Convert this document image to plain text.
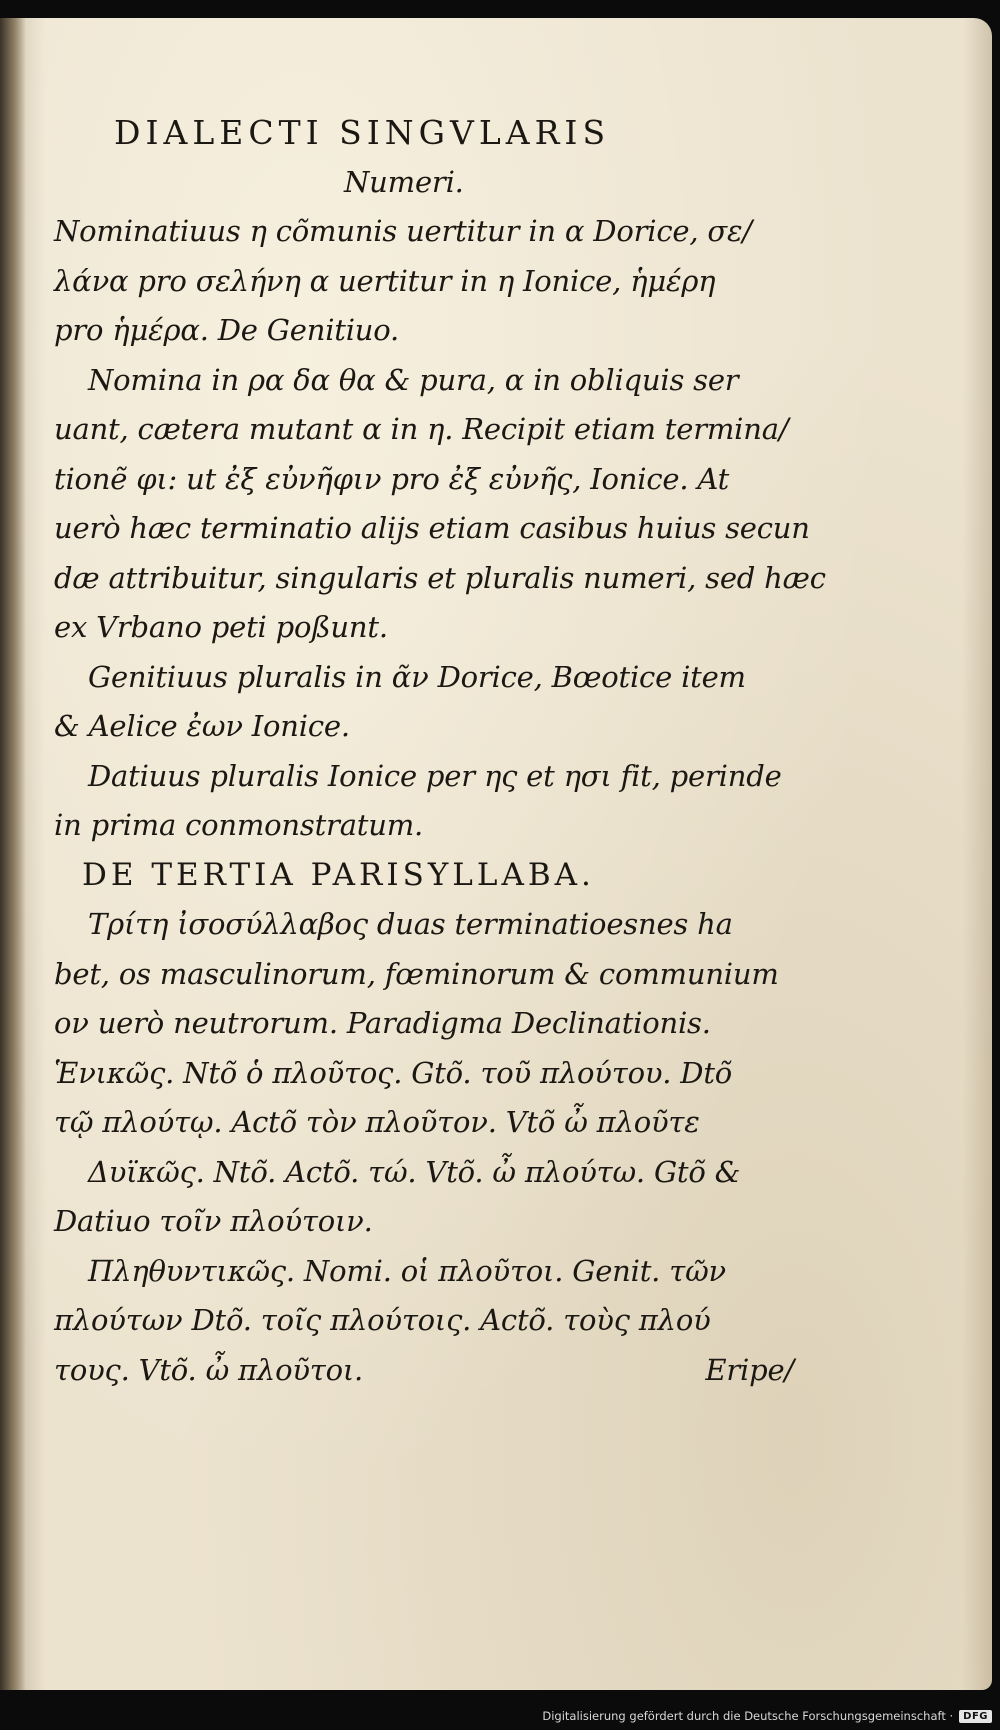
DIALECTI SINGVLARIS
Numeri.
Nominatiuus η cõmunis uertitur in α Dorice, σε/
λάνα pro σελήνη α uertitur in η Ionice, ἡμέρη
pro ἡμέρα. De Genitiuo.
Nomina in ρα δα θα & pura, α in obliquis ser
uant, cætera mutant α in η. Recipit etiam termina/
tionẽ φι: ut ἐξ εὐνῆφιν pro ἐξ εὐνῆς, Ionice. At
uerò hæc terminatio alijs etiam casibus huius secun
dæ attribuitur, singularis et pluralis numeri, sed hæc
ex Vrbano peti poßunt.
Genitiuus pluralis in ᾶν Dorice, Bœotice item
& Aelice ἐων Ionice.
Datiuus pluralis Ionice per ης et ησι fit, perinde
in prima conmonstratum.
DE TERTIA PARISYLLABA.
Τρίτη ἰσοσύλλαβος duas terminatioesnes ha
bet, os masculinorum, fœminorum & communium
ον uerò neutrorum. Paradigma Declinationis.
Ἑνικῶς. Ntõ ὁ πλοῦτος. Gtõ. τοῦ πλούτου. Dtõ
τῷ πλούτῳ. Actõ τὸν πλοῦτον. Vtõ ὦ πλοῦτε
Δυϊκῶς. Ntõ. Actõ. τώ. Vtõ. ὦ πλούτω. Gtõ &
Datiuo τοῖν πλούτοιν.
Πληθυντικῶς. Nomi. οἱ πλοῦτοι. Genit. τῶν
πλούτων Dtõ. τοῖς πλούτοις. Actõ. τοὺς πλού
τους. Vtõ. ὦ πλοῦτοι.	Eripe/
Digitalisierung gefördert durch die Deutsche Forschungsgemeinschaft ·	DFG
